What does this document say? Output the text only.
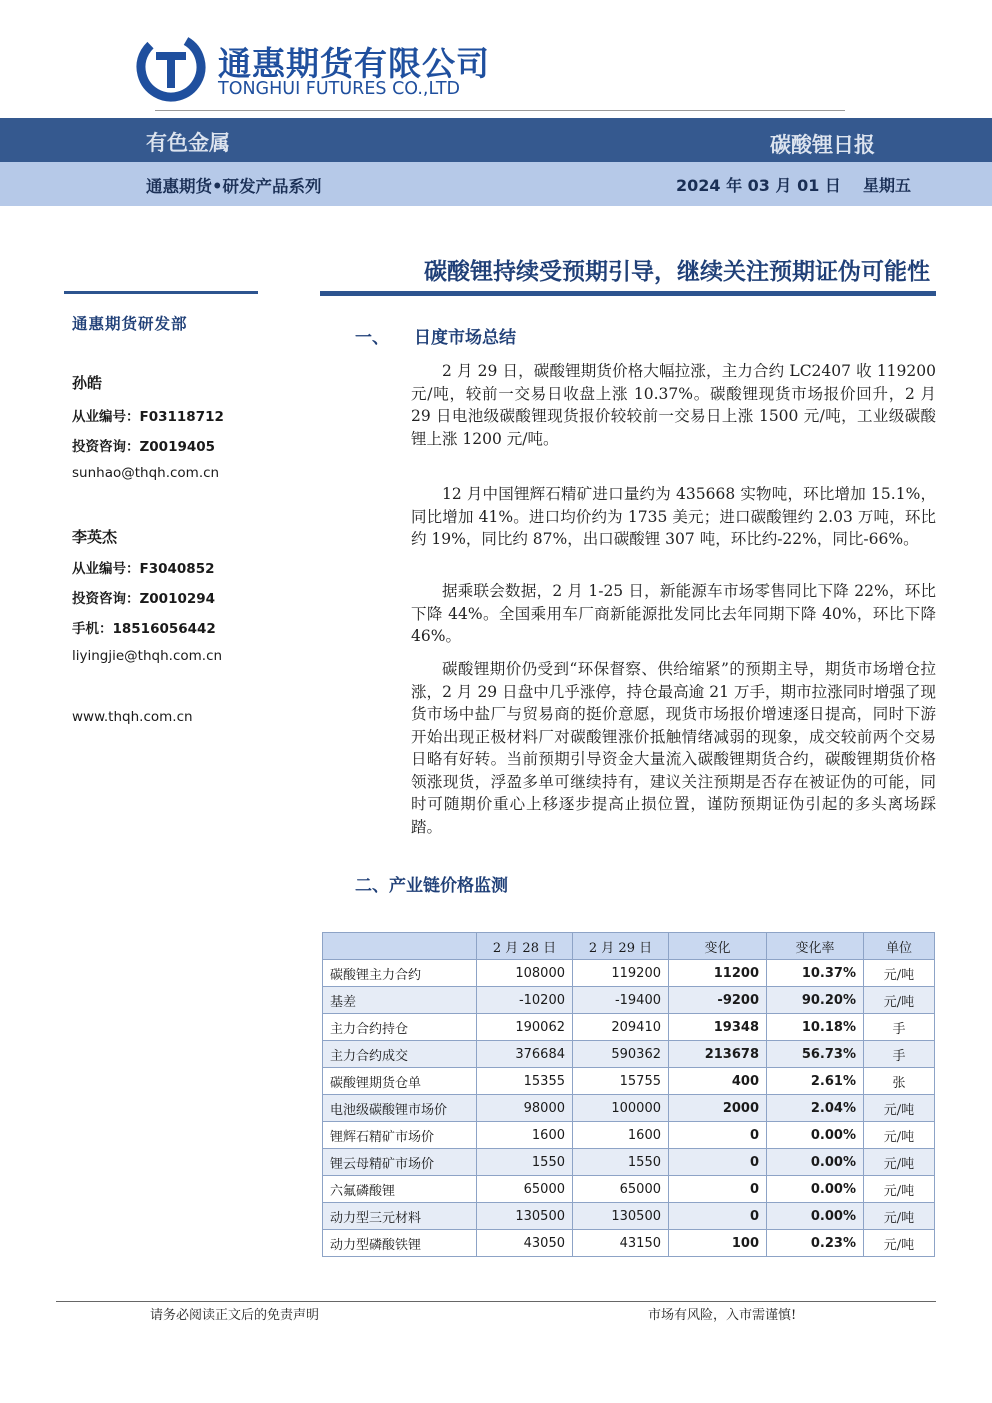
通惠期货有限公司
TONGHUI FUTURES CO.,LTD
有色金属	碳酸锂日报
通惠期货•研发产品系列	2024 年 03 月 01 日 星期五
碳酸锂持续受预期引导，继续关注预期证伪可能性
通惠期货研发部
孙皓
从业编号：F03118712
投资咨询：Z0019405
sunhao@thqh.com.cn
李英杰
从业编号：F3040852
投资咨询：Z0010294
手机：18516056442
liyingjie@thqh.com.cn
www.thqh.com.cn
一、 日度市场总结

2 月 29 日，碳酸锂期货价格大幅拉涨，主力合约 LC2407 收 119200 元/吨，较前一交易日收盘上涨 10.37%。碳酸锂现货市场报价回升，2 月 29 日电池级碳酸锂现货报价较较前一交易日上涨 1500 元/吨，工业级碳酸锂上涨 1200 元/吨。

12 月中国锂辉石精矿进口量约为 435668 实物吨，环比增加 15.1%，同比增加 41%。进口均价约为 1735 美元；进口碳酸锂约 2.03 万吨，环比约 19%，同比约 87%，出口碳酸锂 307 吨，环比约-22%，同比-66%。

据乘联会数据，2 月 1-25 日，新能源车市场零售同比下降 22%，环比下降 44%。全国乘用车厂商新能源批发同比去年同期下降 40%，环比下降 46%。

碳酸锂期价仍受到“环保督察、供给缩紧”的预期主导，期货市场增仓拉涨，2 月 29 日盘中几乎涨停，持仓最高逾 21 万手，期市拉涨同时增强了现货市场中盐厂与贸易商的挺价意愿，现货市场报价增速逐日提高，同时下游开始出现正极材料厂对碳酸锂涨价抵触情绪减弱的现象，成交较前两个交易日略有好转。当前预期引导资金大量流入碳酸锂期货合约，碳酸锂期货价格领涨现货，浮盈多单可继续持有，建议关注预期是否存在被证伪的可能，同时可随期价重心上移逐步提高止损位置，谨防预期证伪引起的多头离场踩踏。

二、产业链价格监测
	2 月 28 日	2 月 29 日	变化	变化率	单位
碳酸锂主力合约	108000	119200	11200	10.37%	元/吨
基差	-10200	-19400	-9200	90.20%	元/吨
主力合约持仓	190062	209410	19348	10.18%	手
主力合约成交	376684	590362	213678	56.73%	手
碳酸锂期货仓单	15355	15755	400	2.61%	张
电池级碳酸锂市场价	98000	100000	2000	2.04%	元/吨
锂辉石精矿市场价	1600	1600	0	0.00%	元/吨
锂云母精矿市场价	1550	1550	0	0.00%	元/吨
六氟磷酸锂	65000	65000	0	0.00%	元/吨
动力型三元材料	130500	130500	0	0.00%	元/吨
动力型磷酸铁锂	43050	43150	100	0.23%	元/吨
请务必阅读正文后的免责声明	市场有风险，入市需谨慎!
